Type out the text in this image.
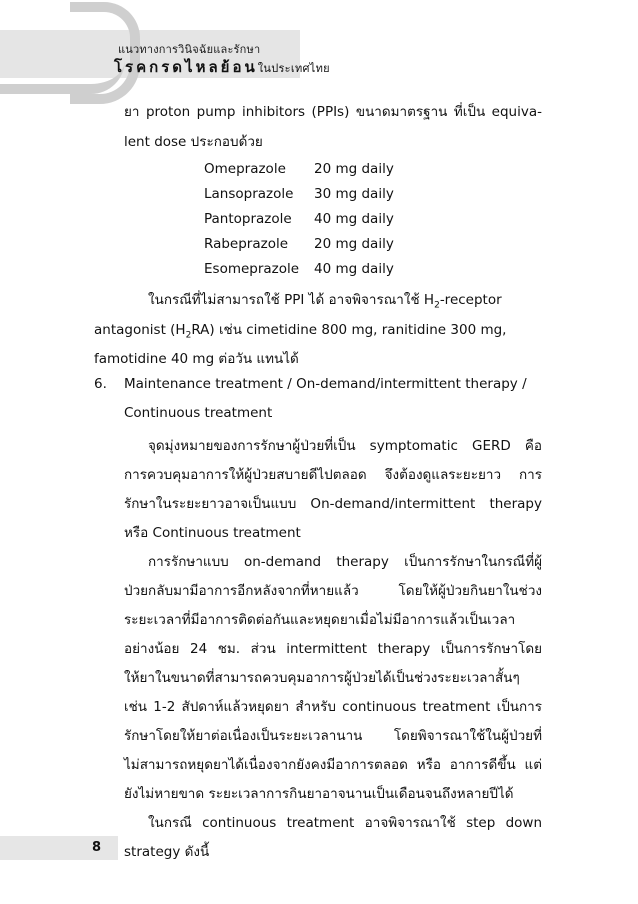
แนวทางการวินิจฉัยและรักษา
โรคกรดไหลย้อนในประเทศไทย
ยา proton pump inhibitors (PPIs) ขนาดมาตรฐาน ที่เป็น equiva-
lent dose ประกอบด้วย
Omeprazole 20 mg daily
Lansoprazole 30 mg daily
Pantoprazole 40 mg daily
Rabeprazole 20 mg daily
Esomeprazole 40 mg daily
ในกรณีที่ไม่สามารถใช้ PPI ได้ อาจพิจารณาใช้ $H_2$-receptor
antagonist $(H_2RA)$ เช่น cimetidine 800 mg, ranitidine 300 mg,
famotidine 40 mg ต่อวัน แทนได้
6. Maintenance treatment / On-demand/intermittent therapy /
Continuous treatment
จุดมุ่งหมายของการรักษาผู้ป่วยที่เป็น symptomatic GERD คือ
การควบคุมอาการให้ผู้ป่วยสบายดีไปตลอด จึงต้องดูแลระยะยาว การ
รักษาในระยะยาวอาจเป็นแบบ On-demand/intermittent therapy
หรือ Continuous treatment
การรักษาแบบ on-demand therapy เป็นการรักษาในกรณีที่ผู้
ป่วยกลับมามีอาการอีกหลังจากที่หายแล้ว โดยให้ผู้ป่วยกินยาในช่วง
ระยะเวลาที่มีอาการติดต่อกันและหยุดยาเมื่อไม่มีอาการแล้วเป็นเวลา
อย่างน้อย 24 ชม. ส่วน intermittent therapy เป็นการรักษาโดย
ให้ยาในขนาดที่สามารถควบคุมอาการผู้ป่วยได้เป็นช่วงระยะเวลาสั้นๆ
เช่น 1-2 สัปดาห์แล้วหยุดยา สำหรับ continuous treatment เป็นการ
รักษาโดยให้ยาต่อเนื่องเป็นระยะเวลานาน โดยพิจารณาใช้ในผู้ป่วยที่
ไม่สามารถหยุดยาได้เนื่องจากยังคงมีอาการตลอด หรือ อาการดีขึ้น แต่
ยังไม่หายขาด ระยะเวลาการกินยาอาจนานเป็นเดือนจนถึงหลายปีได้
ในกรณี continuous treatment อาจพิจารณาใช้ step down
strategy ดังนี้
8
